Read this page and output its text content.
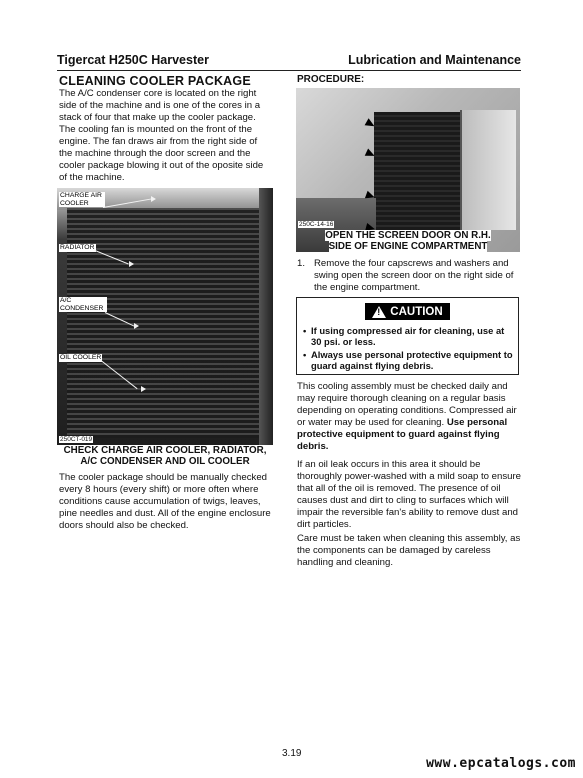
Tigercat H250C Harvester	Lubrication and Maintenance
CLEANING COOLER PACKAGE
The A/C condenser core is located on the right side of the machine and is one of the cores in a stack of four that make up the cooler package. The cooling fan is mounted on the front of the engine. The fan draws air from the right side of the machine through the door screen and the cooler package blowing it out of the oposite side of the machine.
CHARGE AIR COOLER
RADIATOR
A/C CONDENSER
OIL COOLER
250CT-019
CHECK CHARGE AIR COOLER, RADIATOR,
A/C CONDENSER AND OIL COOLER
The cooler package should be manually checked every 8 hours (every shift) or more often where conditions cause accumulation of twigs, leaves, pine needles and dust. All of the engine enclosure doors should also be checked.
PROCEDURE:
250C-14-16
OPEN THE SCREEN DOOR ON R.H.
SIDE OF ENGINE COMPARTMENT
1. Remove the four capscrews and washers and swing open the screen door on the right side of the engine compartment.
!
CAUTION
• If using compressed air for cleaning, use at 30 psi. or less.
• Always use personal protective equipment to guard against flying debris.
This cooling assembly must be checked daily and may require thorough cleaning on a regular basis depending on operating conditions. Compressed air or water may be used for cleaning. Use personal protective equipment to guard against flying debris.
If an oil leak occurs in this area it should be thoroughly power-washed with a mild soap to ensure that all of the oil is removed. The presence of oil causes dust and dirt to cling to surfaces which will impair the reversible fan's ability to remove dust and dirt particles.
Care must be taken when cleaning this assembly, as the components can be damaged by careless handling and cleaning.
3.19
www.epcatalogs.com
